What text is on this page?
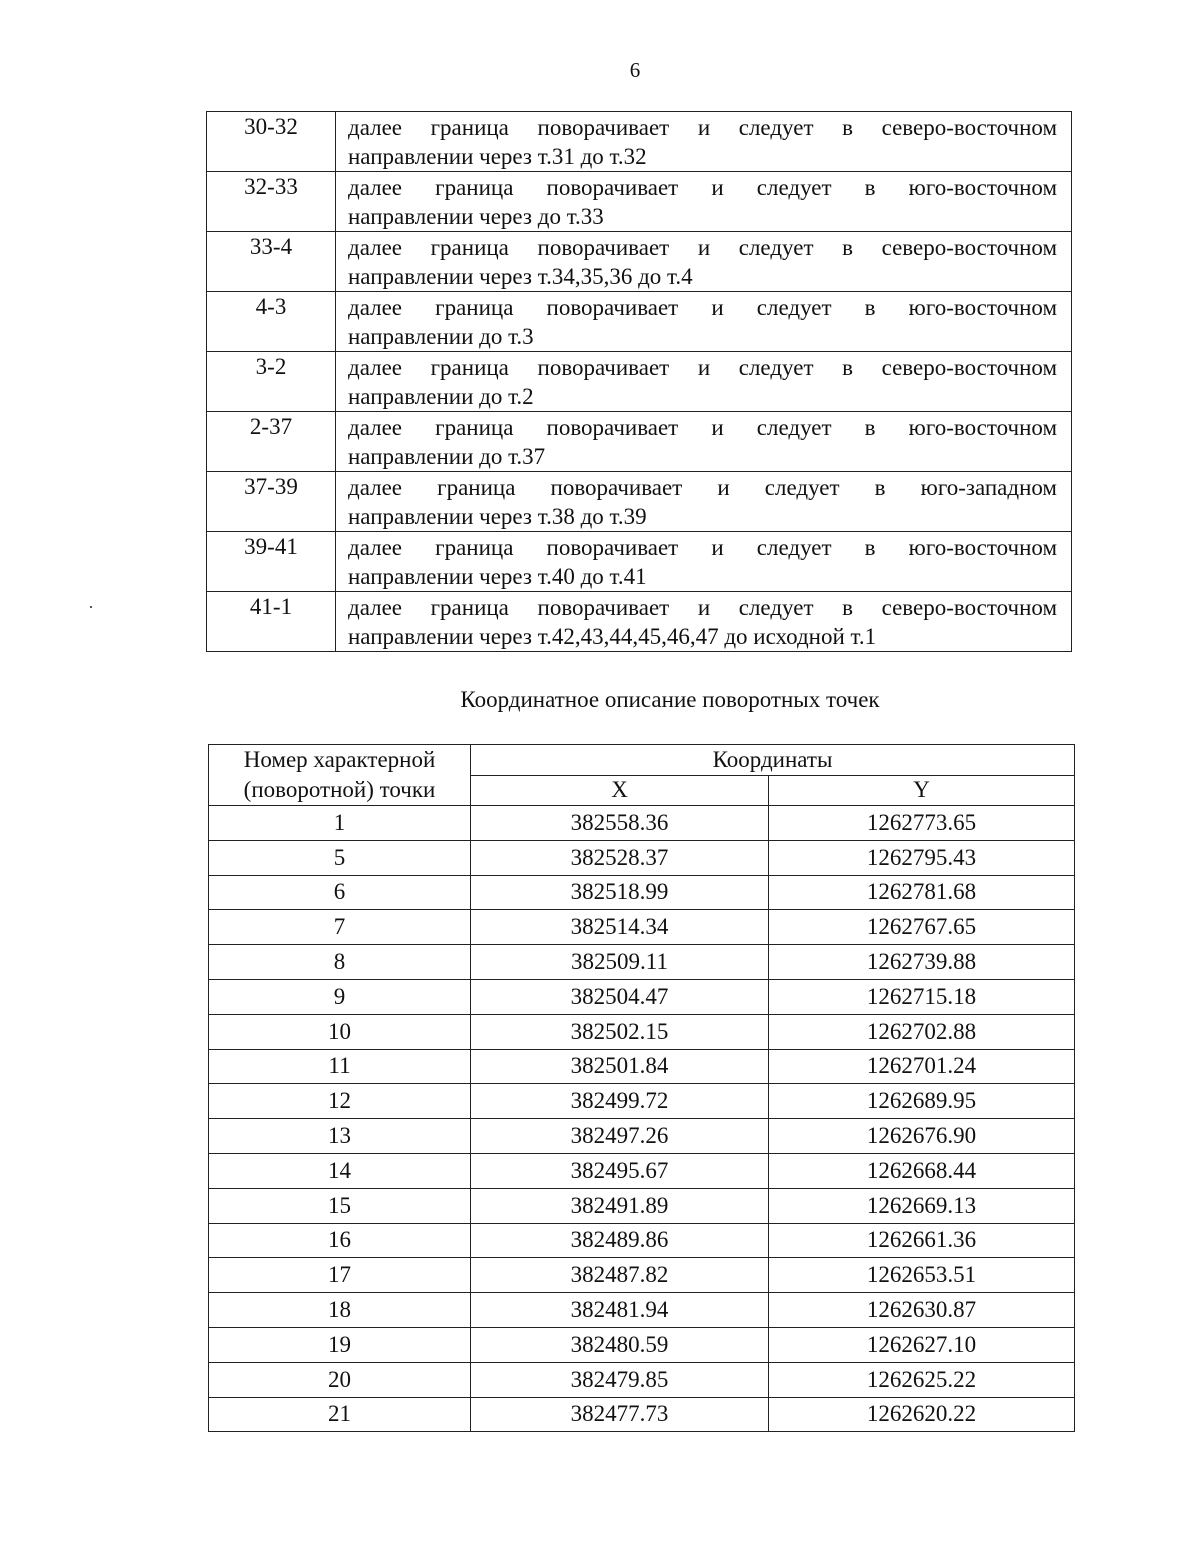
6
30-32	далее граница поворачивает и следует в северо-восточном
направлении через т.31 до т.32

32-33	далее граница поворачивает и следует в юго-восточном
направлении через до т.33

33-4	далее граница поворачивает и следует в северо-восточном
направлении через т.34,35,36 до т.4

4-3	далее граница поворачивает и следует в юго-восточном
направлении до т.3

3-2	далее граница поворачивает и следует в северо-восточном
направлении до т.2

2-37	далее граница поворачивает и следует в юго-восточном
направлении до т.37

37-39	далее граница поворачивает и следует в юго-западном
направлении через т.38 до т.39

39-41	далее граница поворачивает и следует в юго-восточном
направлении через т.40 до т.41

41-1	далее граница поворачивает и следует в северо-восточном
направлении через т.42,43,44,45,46,47 до исходной т.1
Координатное описание поворотных точек
Номер характерной
(поворотной) точки	Координаты	
	X	Y
1	382558.36	1262773.65
5	382528.37	1262795.43
6	382518.99	1262781.68
7	382514.34	1262767.65
8	382509.11	1262739.88
9	382504.47	1262715.18
10	382502.15	1262702.88
11	382501.84	1262701.24
12	382499.72	1262689.95
13	382497.26	1262676.90
14	382495.67	1262668.44
15	382491.89	1262669.13
16	382489.86	1262661.36
17	382487.82	1262653.51
18	382481.94	1262630.87
19	382480.59	1262627.10
20	382479.85	1262625.22
21	382477.73	1262620.22
